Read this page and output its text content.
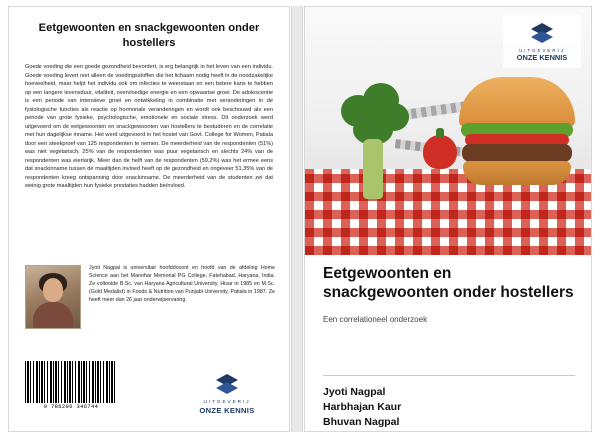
Eetgewoonten en snackgewoonten onder hostellers
Goede voeding die een goede gezondheid bevordert, is erg belangrijk in het leven van een individu. Goede voeding levert niet alleen de voedingsstoffen die het lichaam nodig heeft in de noodzakelijke hoeveelheid, maar helpt het individu ook om infecties te weerstaan en een betere kans te hebben op een langere levensduur, vitaliteit, overvloedige energie en een opwaartse groei. De adolescentie is een periode van intensieve groei en ontwikkeling in combinatie met veranderingen in de fysiologische functies als reactie op hormonale veranderingen en wordt ook beschouwd als een periode van grote fysieke, psychologische, emotionele en sociale stress. Dit onderzoek werd uitgevoerd om de eetgewoonten en snackgewoonten van hostellers te bestuderen en de correlatie met hun dagelijkse inname. Het werd uitgevoerd in het hostel van Govt. College for Women, Patiala door een steekproef van 125 respondenten te nemen. De meerderheid van de respondenten (51%) was niet vegetarisch, 25% van de respondenten was puur vegetarisch en slechts 24% van de respondenten was eierlarijk. Meer dan de helft van de respondenten (59,2%) was het ermee eens dat snackinname tussen de maaltijden invloed heeft op de gezondheid en ongeveer 51,35% van de respondenten kreeg ontspanning door snackinname. De meerderheid van de studenten zei dat weinig grote maaltijden hun fysieke prestaties hadden beïnvloed.
Jyoti Nagpal is universitair hoofddocent en hoofd van de afdeling Home Science aan het Manohar Memorial PG College, Fatehabad, Haryana, India. Ze voltooide B.Sc. van Haryana Agricultural University, Hisar in 1985 en M.Sc. (Gold Medalist) in Foods & Nutrition van Punjabi University, Patiala in 1987. Ze heeft meer dan 26 jaar onderwijservaring.
9 786206 346744
UITGEVERIJ
ONZE KENNIS
UITGEVERIJ
ONZE KENNIS
Eetgewoonten en snackgewoonten onder hostellers
Een correlationeel onderzoek
Jyoti Nagpal
Harbhajan Kaur
Bhuvan Nagpal
